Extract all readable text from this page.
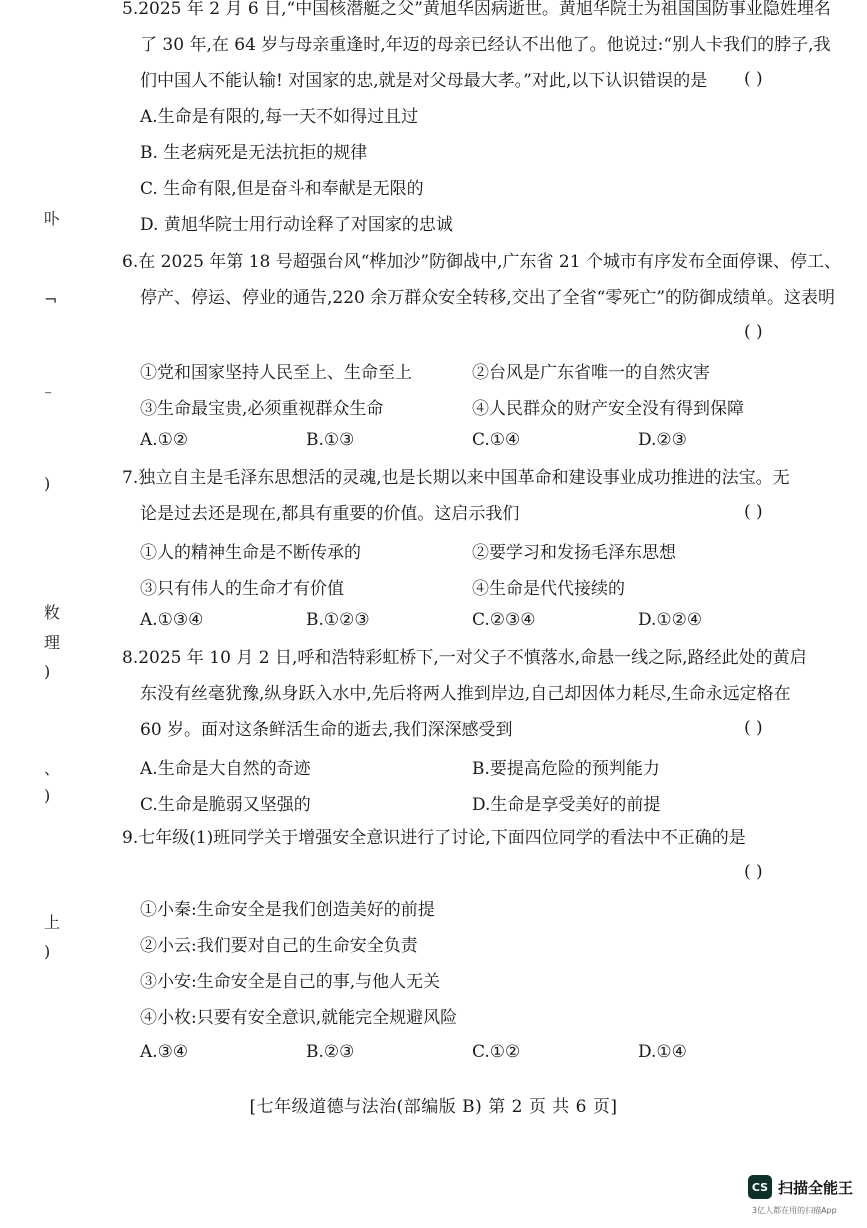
卟
¬
⁻
)
敉
理
)
、
)
上
)
5.2025 年 2 月 6 日,“中国核潜艇之父”黄旭华因病逝世。黄旭华院士为祖国国防事业隐姓埋名
了 30 年,在 64 岁与母亲重逢时,年迈的母亲已经认不出他了。他说过:“别人卡我们的脖子,我
们中国人不能认输! 对国家的忠,就是对父母最大孝。”对此,以下认识错误的是 ( )
A.生命是有限的,每一天不如得过且过
B. 生老病死是无法抗拒的规律
C. 生命有限,但是奋斗和奉献是无限的
D. 黄旭华院士用行动诠释了对国家的忠诚
6.在 2025 年第 18 号超强台风“桦加沙”防御战中,广东省 21 个城市有序发布全面停课、停工、
停产、停运、停业的通告,220 余万群众安全转移,交出了全省“零死亡”的防御成绩单。这表明
( )
①党和国家坚持人民至上、生命至上	②台风是广东省唯一的自然灾害
③生命最宝贵,必须重视群众生命	④人民群众的财产安全没有得到保障
A.①②	B.①③	C.①④	D.②③
7.独立自主是毛泽东思想活的灵魂,也是长期以来中国革命和建设事业成功推进的法宝。无
论是过去还是现在,都具有重要的价值。这启示我们	( )
①人的精神生命是不断传承的	②要学习和发扬毛泽东思想
③只有伟人的生命才有价值	④生命是代代接续的
A.①③④	B.①②③	C.②③④	D.①②④
8.2025 年 10 月 2 日,呼和浩特彩虹桥下,一对父子不慎落水,命悬一线之际,路经此处的黄启
东没有丝毫犹豫,纵身跃入水中,先后将两人推到岸边,自己却因体力耗尽,生命永远定格在
60 岁。面对这条鲜活生命的逝去,我们深深感受到	( )
A.生命是大自然的奇迹	B.要提高危险的预判能力
C.生命是脆弱又坚强的	D.生命是享受美好的前提
9.七年级(1)班同学关于增强安全意识进行了讨论,下面四位同学的看法中不正确的是
( )
①小秦:生命安全是我们创造美好的前提
②小云:我们要对自己的生命安全负责
③小安:生命安全是自己的事,与他人无关
④小枚:只要有安全意识,就能完全规避风险
A.③④	B.②③	C.①②	D.①④
[七年级道德与法治(部编版 B) 第 2 页 共 6 页]
CS 扫描全能王
3亿人都在用的扫描App
